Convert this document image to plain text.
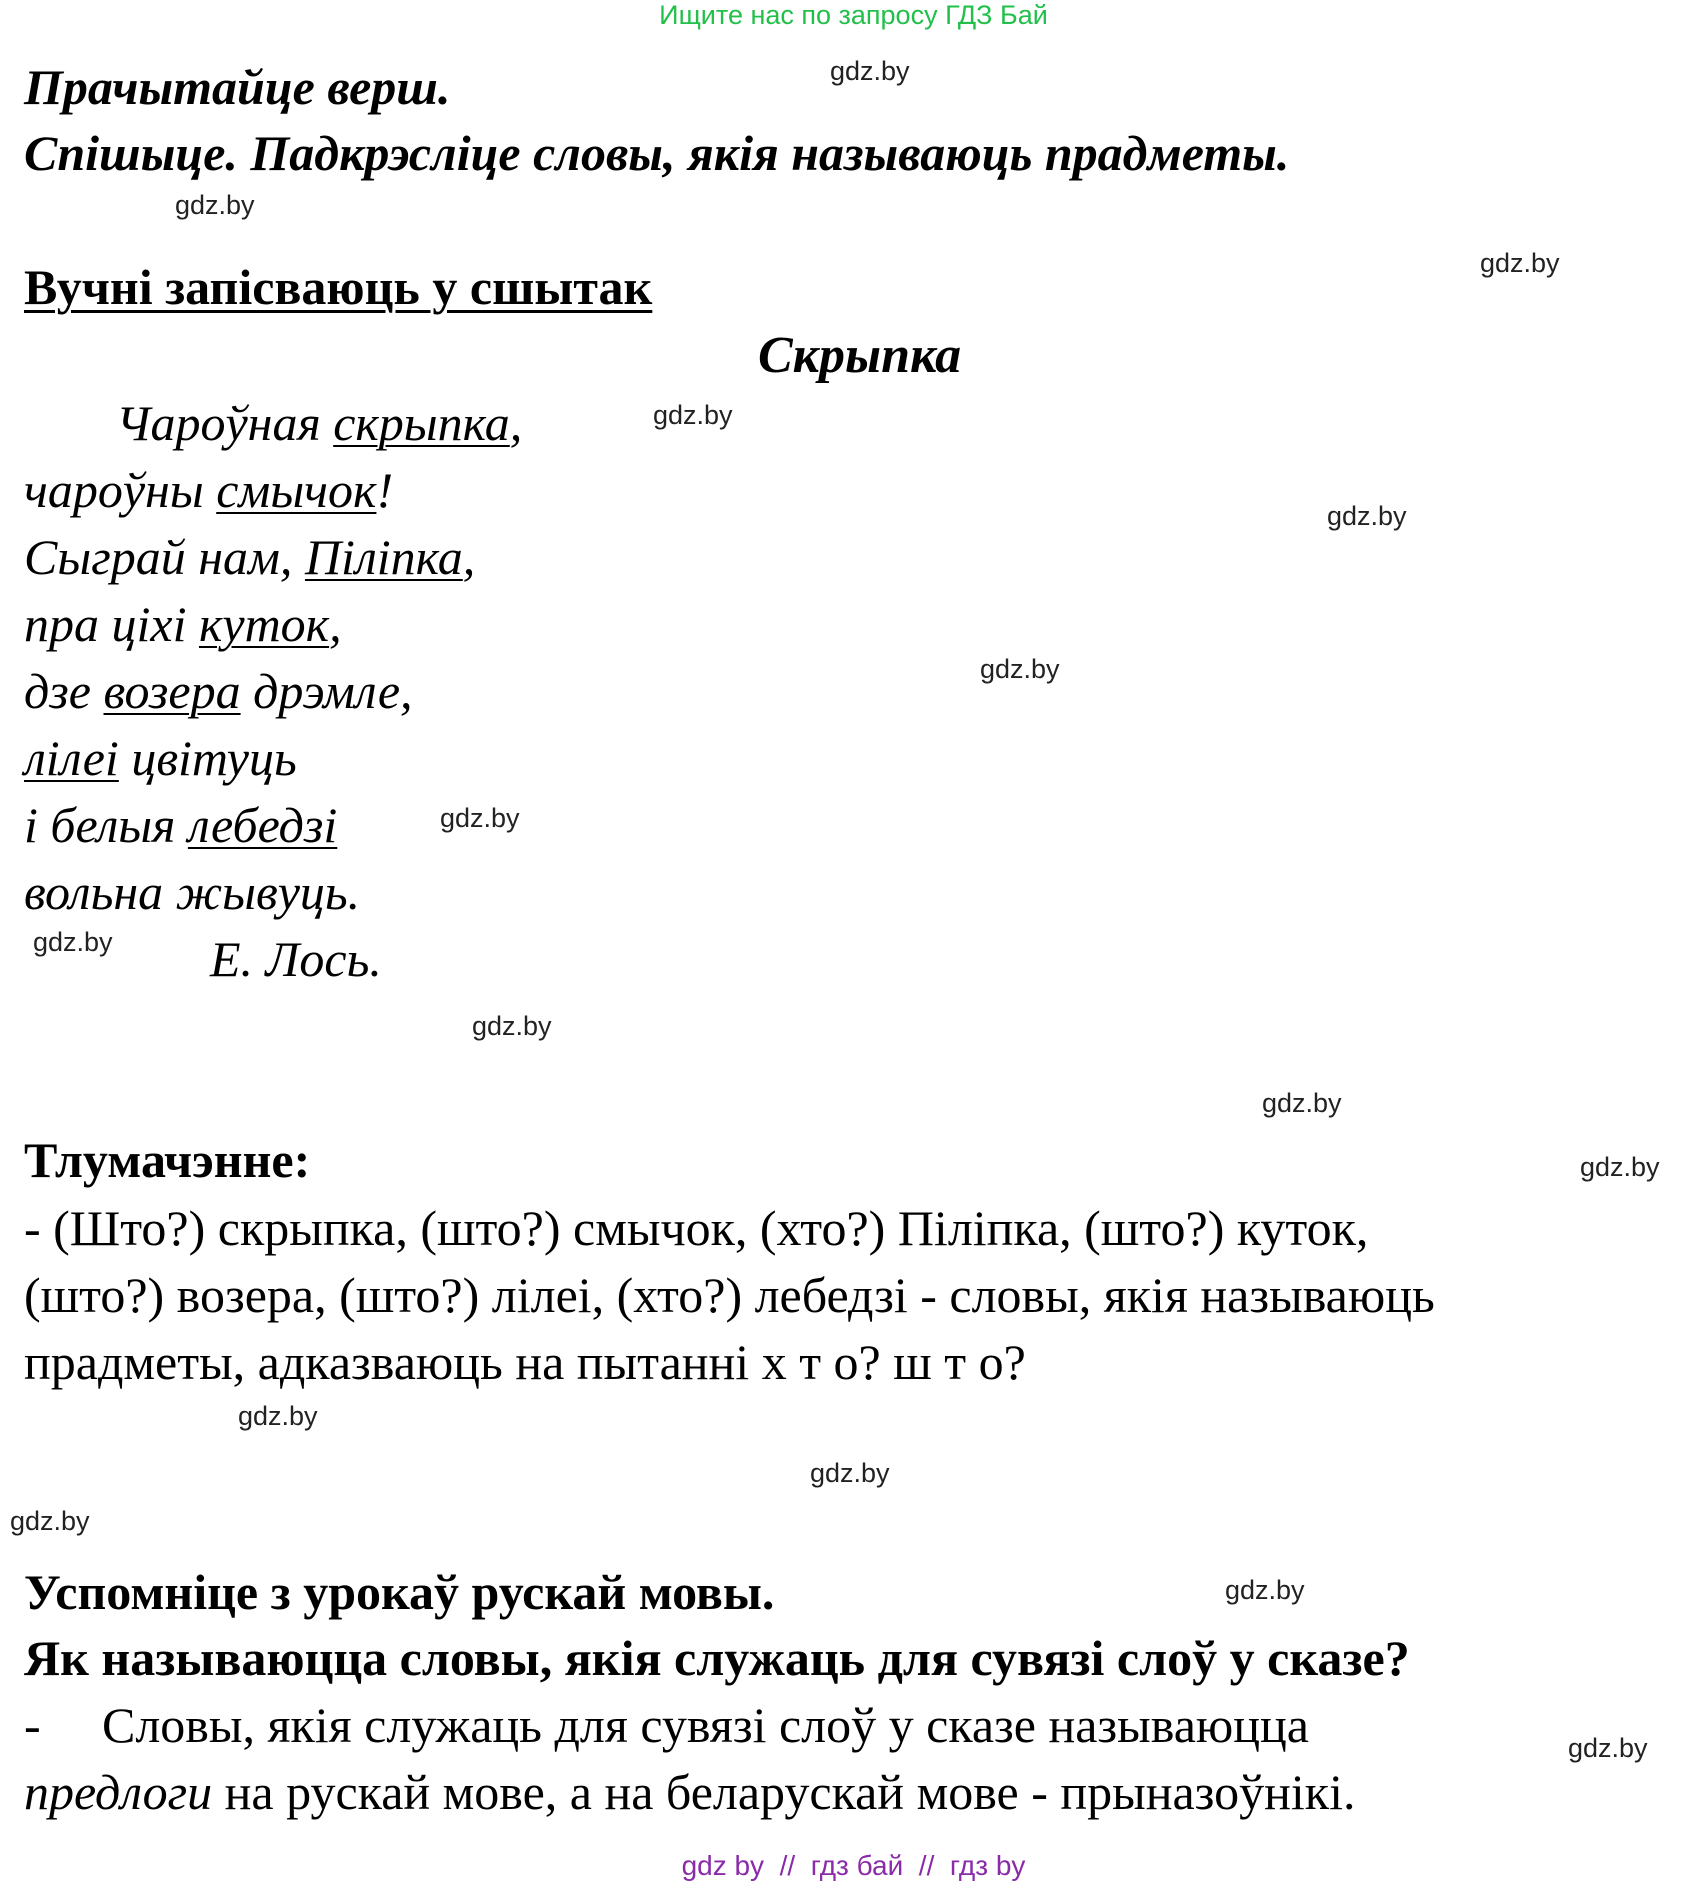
Ищите нас по запросу ГДЗ Бай
Прачытайце верш.
Спішыце. Падкрэсліце словы, якія называюць прадметы.
Вучні запісваюць у сшытак
Скрыпка
Чароўная скрыпка,
чароўны смычок!
Сыграй нам, Піліпка,
пра ціхі куток,
дзе возера дрэмле,
лілеі цвітуць
і белыя лебедзі
вольна жывуць.
Е. Лось.
Тлумачэнне:
- (Што?) скрыпка, (што?) смычок, (хто?) Піліпка, (што?) куток,
(што?) возера, (што?) лілеі, (хто?) лебедзі - словы, якія называюць
прадметы, адказваюць на пытанні х т о? ш т о?
Успомніце з урокаў рускай мовы.
Як называюцца словы, якія служаць для сувязі слоў у сказе?
- Словы, якія служаць для сувязі слоў у сказе называюцца
предлоги на рускай мове, а на беларускай мове - прыназоўнікі.
gdz.by
gdz.by
gdz.by
gdz.by
gdz.by
gdz.by
gdz.by
gdz.by
gdz.by
gdz.by
gdz.by
gdz.by
gdz.by
gdz.by
gdz.by
gdz.by
gdz by  //  гдз бай  //  гдз by
